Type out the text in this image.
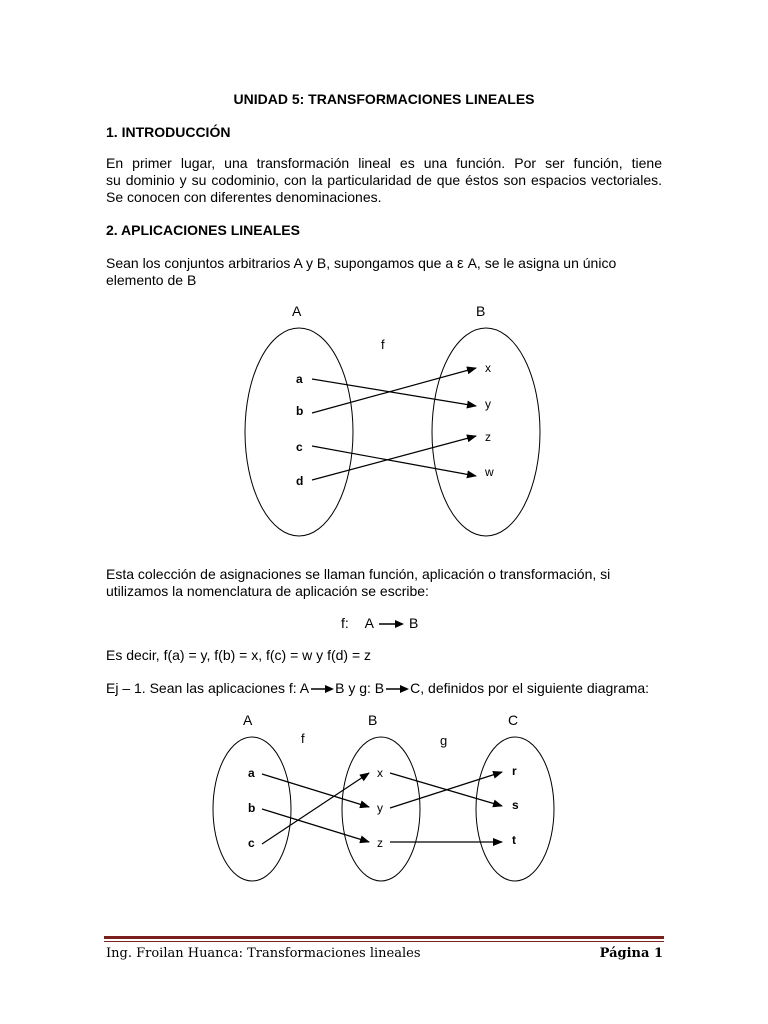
UNIDAD 5: TRANSFORMACIONES LINEALES
1. INTRODUCCIÓN
En primer lugar, una transformación lineal es una función. Por ser función, tiene
su dominio y su codominio, con la particularidad de que éstos son espacios vectoriales.
Se conocen con diferentes denominaciones.
2. APLICACIONES LINEALES
Sean los conjuntos arbitrarios A y B, supongamos que a ε A, se le asigna un único
elemento de B
A	B
f
a
b
c
d
x
y
z
w
Esta colección de asignaciones se llaman función, aplicación o transformación, si
utilizamos la nomenclatura de aplicación se escribe:
f: A	B
Es decir, f(a) = y, f(b) = x, f(c) = w y f(d) = z
Ej – 1. Sean las aplicaciones f: A B y g: B C, definidos por el siguiente diagrama:
A	B	C
f	g
a
b
c
x
y
z
r
s
t
Ing. Froilan Huanca: Transformaciones lineales	Página 1
